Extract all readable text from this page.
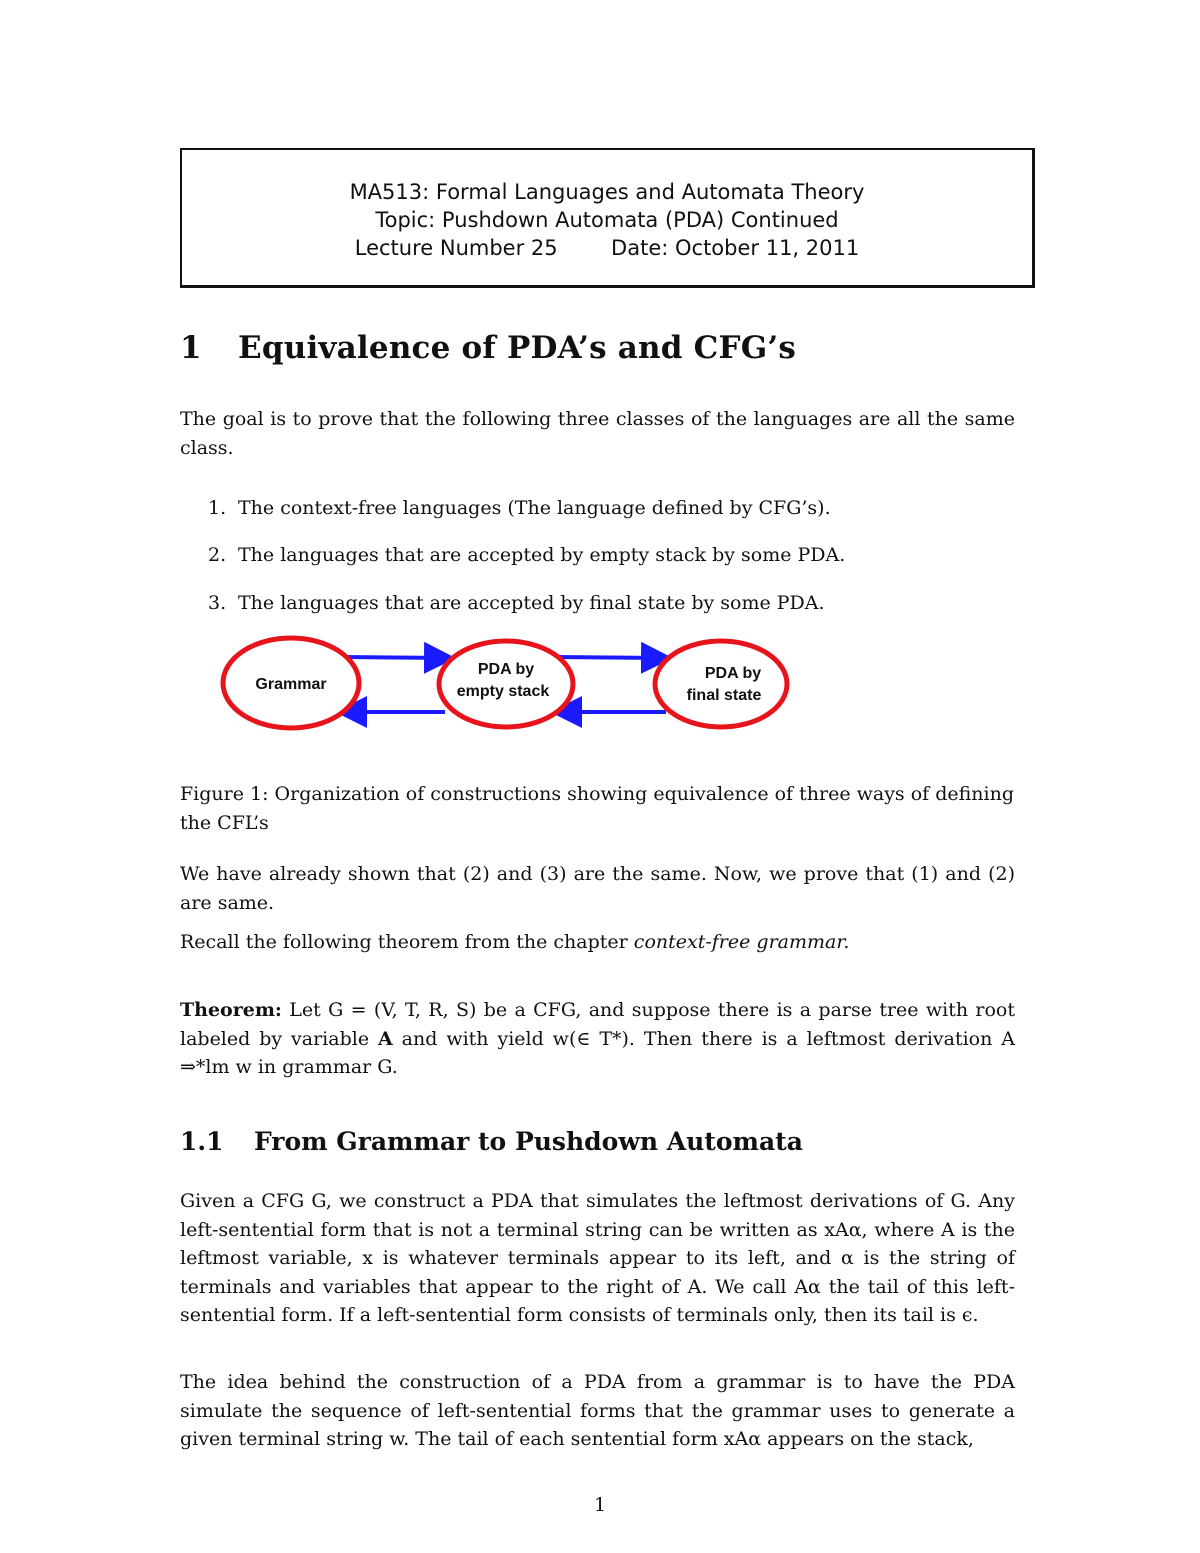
MA513: Formal Languages and Automata Theory
Topic: Pushdown Automata (PDA) Continued
Lecture Number 25	Date: October 11, 2011
1 Equivalence of PDA’s and CFG’s

The goal is to prove that the following three classes of the languages are all the same class.

1. The context-free languages (The language defined by CFG’s).

2. The languages that are accepted by empty stack by some PDA.

3. The languages that are accepted by final state by some PDA.

Grammar
PDA by
empty stack
PDA by
final state

Figure 1: Organization of constructions showing equivalence of three ways of defining the CFL’s

We have already shown that (2) and (3) are the same. Now, we prove that (1) and (2) are same.

Recall the following theorem from the chapter context-free grammar.

Theorem: Let G = (V, T, R, S) be a CFG, and suppose there is a parse tree with root labeled by variable A and with yield w(∈ T*). Then there is a leftmost derivation A ⇒*lm w in grammar G.

1.1 From Grammar to Pushdown Automata

Given a CFG G, we construct a PDA that simulates the leftmost derivations of G. Any left-sentential form that is not a terminal string can be written as xAα, where A is the leftmost variable, x is whatever terminals appear to its left, and α is the string of terminals and variables that appear to the right of A. We call Aα the tail of this left-sentential form. If a left-sentential form consists of terminals only, then its tail is ϵ.

The idea behind the construction of a PDA from a grammar is to have the PDA simulate the sequence of left-sentential forms that the grammar uses to generate a given terminal string w. The tail of each sentential form xAα appears on the stack,

1
